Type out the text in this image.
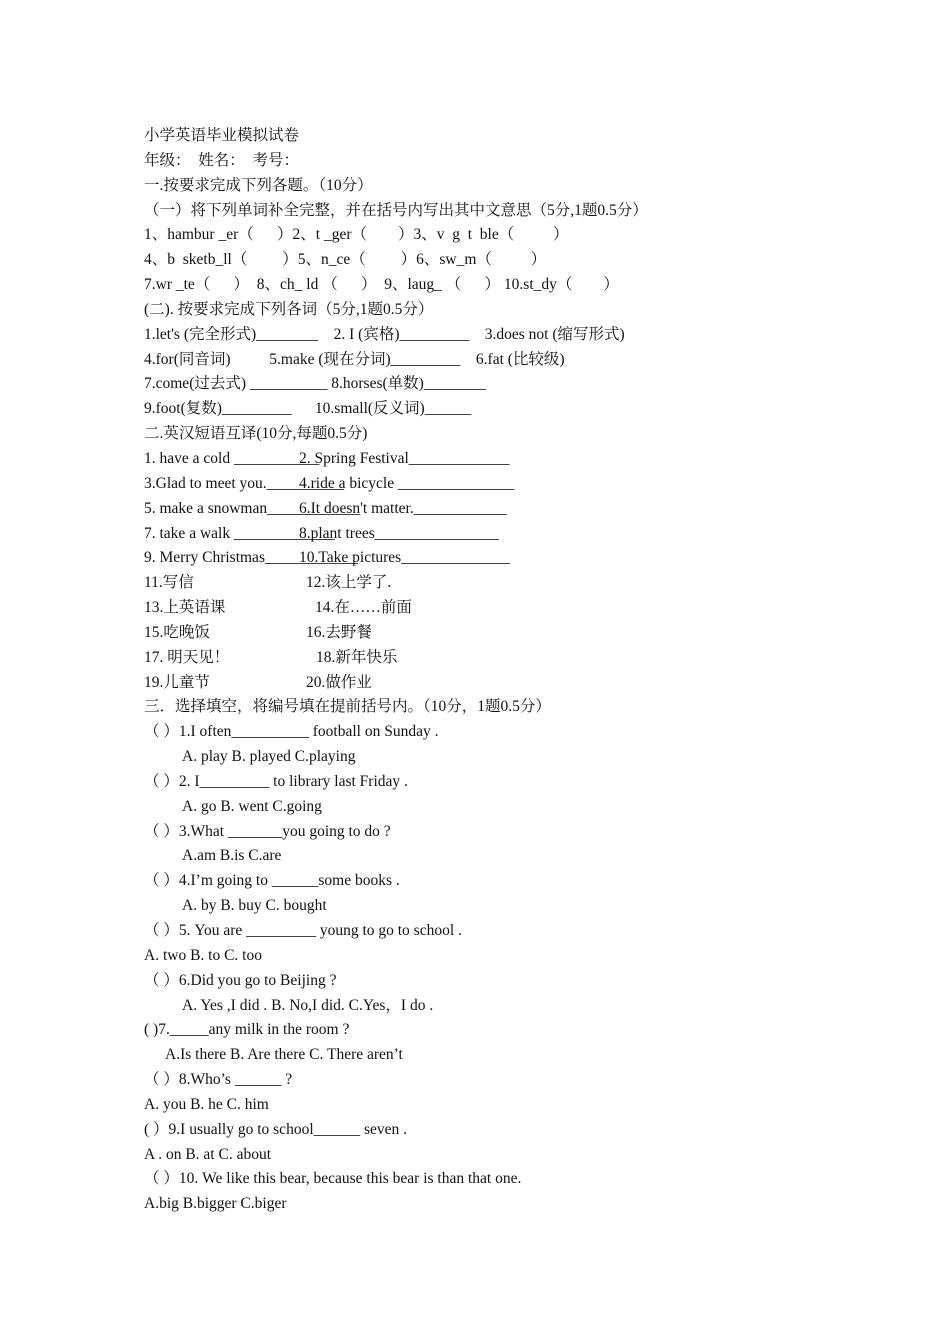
小学英语毕业模拟试卷
年级：  姓名：  考号：
一.按要求完成下列各题。（10分）
（一）将下列单词补全完整，并在括号内写出其中文意思（5分,1题0.5分）
1、hambur _er（      ）2、t _ger（        ）3、v  g  t  ble（          ）
4、b  sketb_ll（         ）5、n_ce（         ）6、sw_m（          ）
7.wr _te（      ）  8、ch_ ld （      ）  9、laug_ （      ） 10.st_dy（        ）
(二). 按要求完成下列各词（5分,1题0.5分）
1.let's (完全形式)________    2. I (宾格)_________    3.does not (缩写形式)
4.for(同音词)          5.make (现在分词)_________    6.fat (比较级)
7.come(过去式) __________ 8.horses(单数)________
9.foot(复数)_________      10.small(反义词)______
二.英汉短语互译(10分,每题0.5分)
1. have a cold ___________2. Spring Festival_____________
3.Glad to meet you.__________4.ride a bicycle _______________
5. make a snowman____________6.It doesn't matter.____________
7. take a walk _____________8.plant trees________________
9. Merry Christmas____________10.Take pictures______________
11.写信	12.该上学了.
13.上英语课	14.在……前面
15.吃晚饭	16.去野餐
17. 明天见！	18.新年快乐
19.儿童节	20.做作业
三．选择填空，将编号填在提前括号内。（10分，1题0.5分）
（ ）1.I often__________ football on Sunday .
A. play B. played C.playing
（ ）2. I_________ to library last Friday .
A. go B. went C.going
（ ）3.What _______you going to do ?
A.am B.is C.are
（ ）4.I’m going to ______some books .
A. by B. buy C. bought
（ ）5. You are _________ young to go to school .
A. two B. to C. too
（ ）6.Did you go to Beijing ?
A. Yes ,I did . B. No,I did. C.Yes，I do .
( )7._____any milk in the room ?
A.Is there B. Are there C. There aren’t
（ ）8.Who’s ______ ?
A. you B. he C. him
( ）9.I usually go to school______ seven .
A . on B. at C. about
（ ）10. We like this bear, because this bear is than that one.
A.big B.bigger C.biger
